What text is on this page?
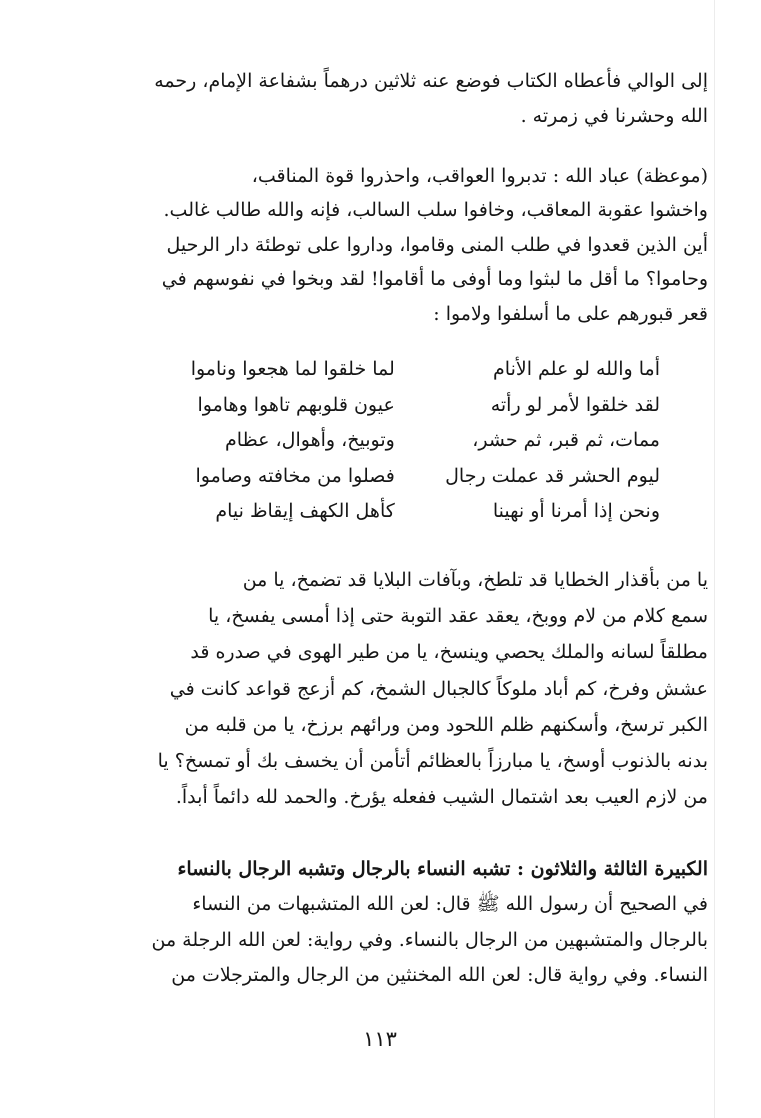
إلى الوالي فأعطاه الكتاب فوضع عنه ثلاثين درهماً بشفاعة الإمام، رحمه
الله وحشرنا في زمرته .
(موعظة) عباد الله : تدبروا العواقب، واحذروا قوة المناقب،
واخشوا عقوبة المعاقب، وخافوا سلب السالب، فإنه والله طالب غالب.
أين الذين قعدوا في طلب المنى وقاموا، وداروا على توطئة دار الرحيل
وحاموا؟ ما أقل ما لبثوا وما أوفى ما أقاموا! لقد وبخوا في نفوسهم في
قعر قبورهم على ما أسلفوا ولاموا :
أما والله لو علم الأنام
لما خلقوا لما هجعوا وناموا
لقد خلقوا لأمر لو رأته
عيون قلوبهم تاهوا وهاموا
ممات، ثم قبر، ثم حشر،
وتوبيخ، وأهوال، عظام
ليوم الحشر قد عملت رجال
فصلوا من مخافته وصاموا
ونحن إذا أمرنا أو نهينا
كأهل الكهف إيقاظ نيام
يا من بأقذار الخطايا قد تلطخ، وبآفات البلايا قد تضمخ، يا من
سمع كلام من لام ووبخ، يعقد عقد التوبة حتى إذا أمسى يفسخ، يا
مطلقاً لسانه والملك يحصي وينسخ، يا من طير الهوى في صدره قد
عشش وفرخ، كم أباد ملوكاً كالجبال الشمخ، كم أزعج قواعد كانت في
الكبر ترسخ، وأسكنهم ظلم اللحود ومن ورائهم برزخ، يا من قلبه من
بدنه بالذنوب أوسخ، يا مبارزاً بالعظائم أتأمن أن يخسف بك أو تمسخ؟ يا
من لازم العيب بعد اشتمال الشيب ففعله يؤرخ. والحمد لله دائماً أبداً.
الكبيرة الثالثة والثلاثون : تشبه النساء بالرجال وتشبه الرجال بالنساء
في الصحيح أن رسول الله ﷺ قال: لعن الله المتشبهات من النساء
بالرجال والمتشبهين من الرجال بالنساء. وفي رواية: لعن الله الرجلة من
النساء. وفي رواية قال: لعن الله المخنثين من الرجال والمترجلات من
١١٣
